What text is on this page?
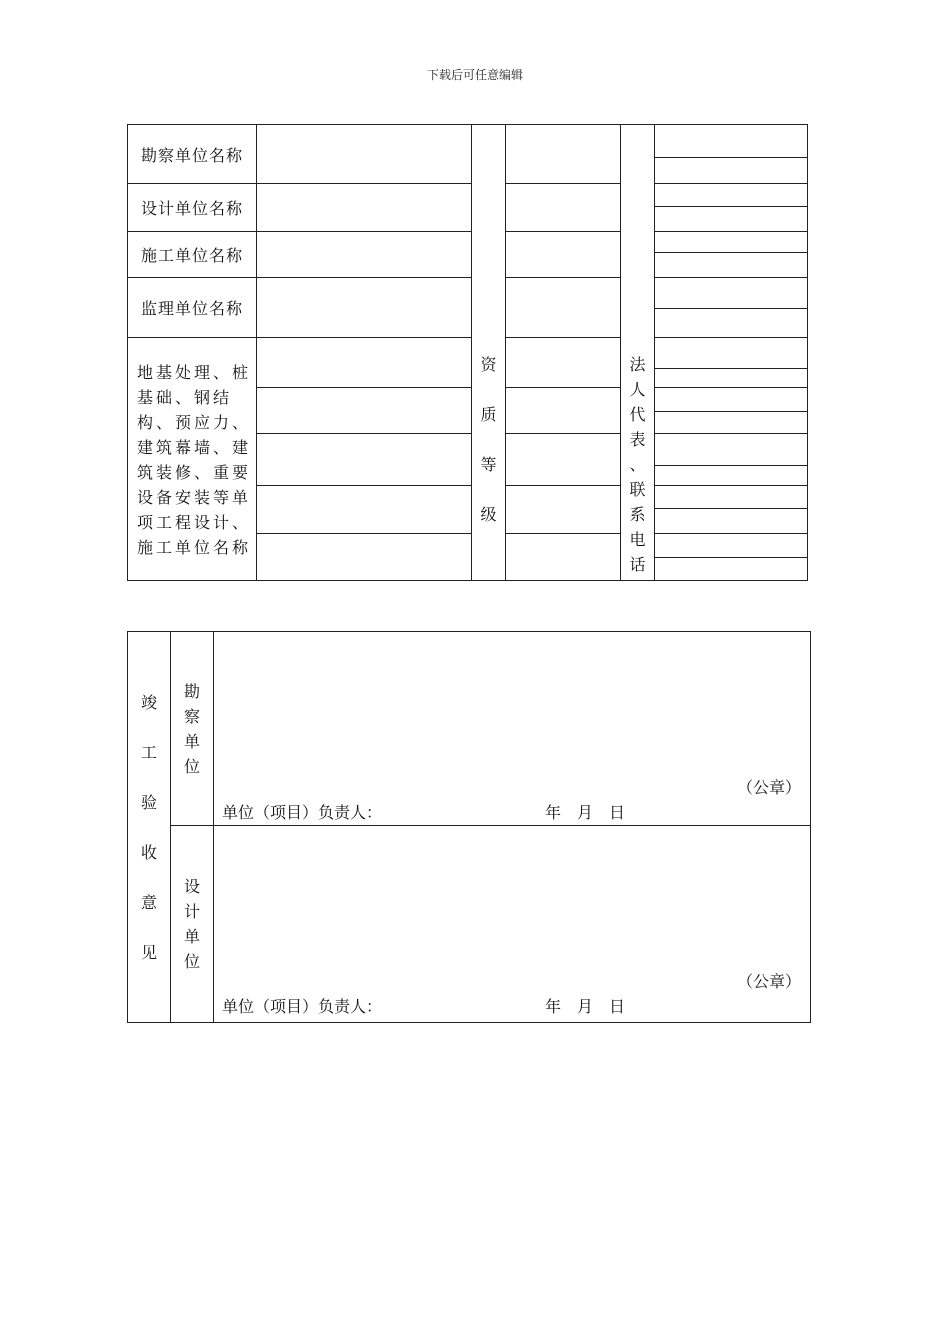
下载后可任意编辑
勘察单位名称
设计单位名称
施工单位名称
监理单位名称
地基处理、桩
基础、钢结
构、预应力、
建筑幕墙、建
筑装修、重要
设备安装等单
项工程设计、
施工单位名称
资
质
等
级
法
人
代
表
、
联
系
电
话
竣
工
验
收
意
见
勘
察
单
位
（公章）
单位（项目）负责人：	年　月　日
设
计
单
位
（公章）
单位（项目）负责人：	年　月　日
